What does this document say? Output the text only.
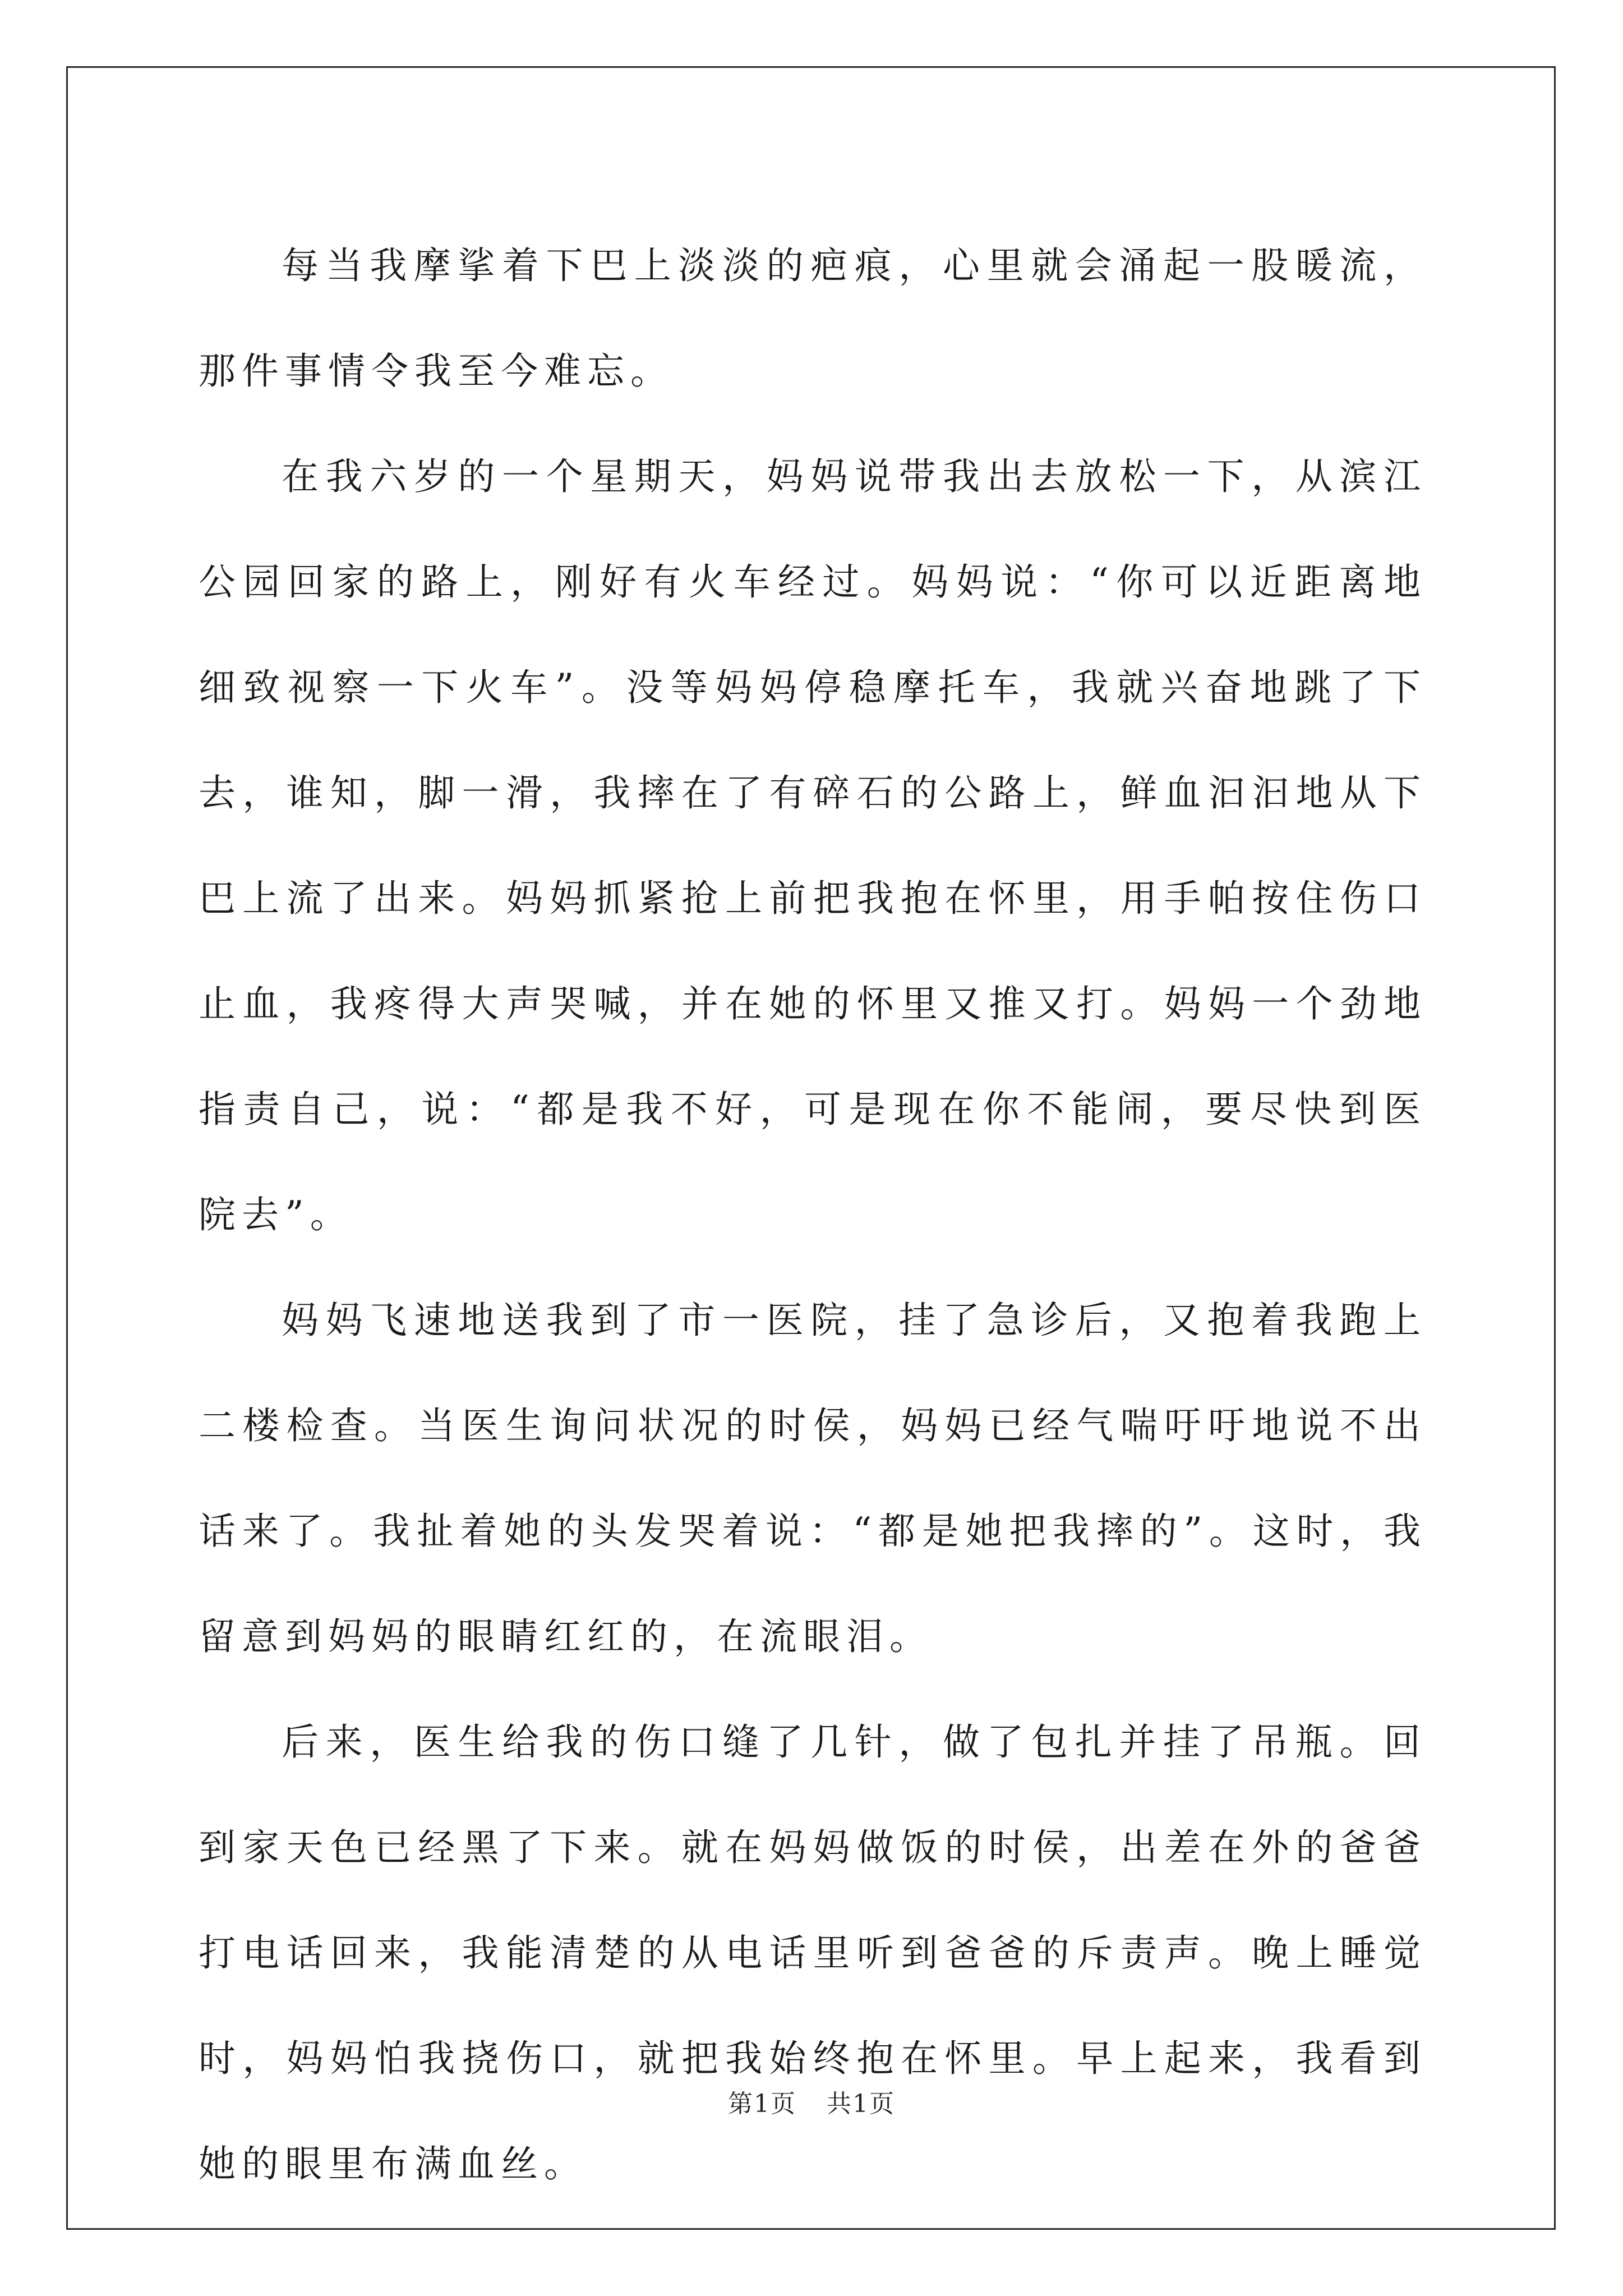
每当我摩挲着下巴上淡淡的疤痕，心里就会涌起一股暖流，那件事情令我至今难忘。

在我六岁的一个星期天，妈妈说带我出去放松一下，从滨江公园回家的路上，刚好有火车经过。妈妈说：“你可以近距离地细致视察一下火车”。没等妈妈停稳摩托车，我就兴奋地跳了下去，谁知，脚一滑，我摔在了有碎石的公路上，鲜血汩汩地从下巴上流了出来。妈妈抓紧抢上前把我抱在怀里，用手帕按住伤口止血，我疼得大声哭喊，并在她的怀里又推又打。妈妈一个劲地指责自己，说：“都是我不好，可是现在你不能闹，要尽快到医院去”。

妈妈飞速地送我到了市一医院，挂了急诊后，又抱着我跑上二楼检查。当医生询问状况的时侯，妈妈已经气喘吁吁地说不出话来了。我扯着她的头发哭着说：“都是她把我摔的”。这时，我留意到妈妈的眼睛红红的，在流眼泪。

后来，医生给我的伤口缝了几针，做了包扎并挂了吊瓶。回到家天色已经黑了下来。就在妈妈做饭的时侯，出差在外的爸爸打电话回来，我能清楚的从电话里听到爸爸的斥责声。晚上睡觉时，妈妈怕我挠伤口，就把我始终抱在怀里。早上起来，我看到她的眼里布满血丝。

第1页 共1页
